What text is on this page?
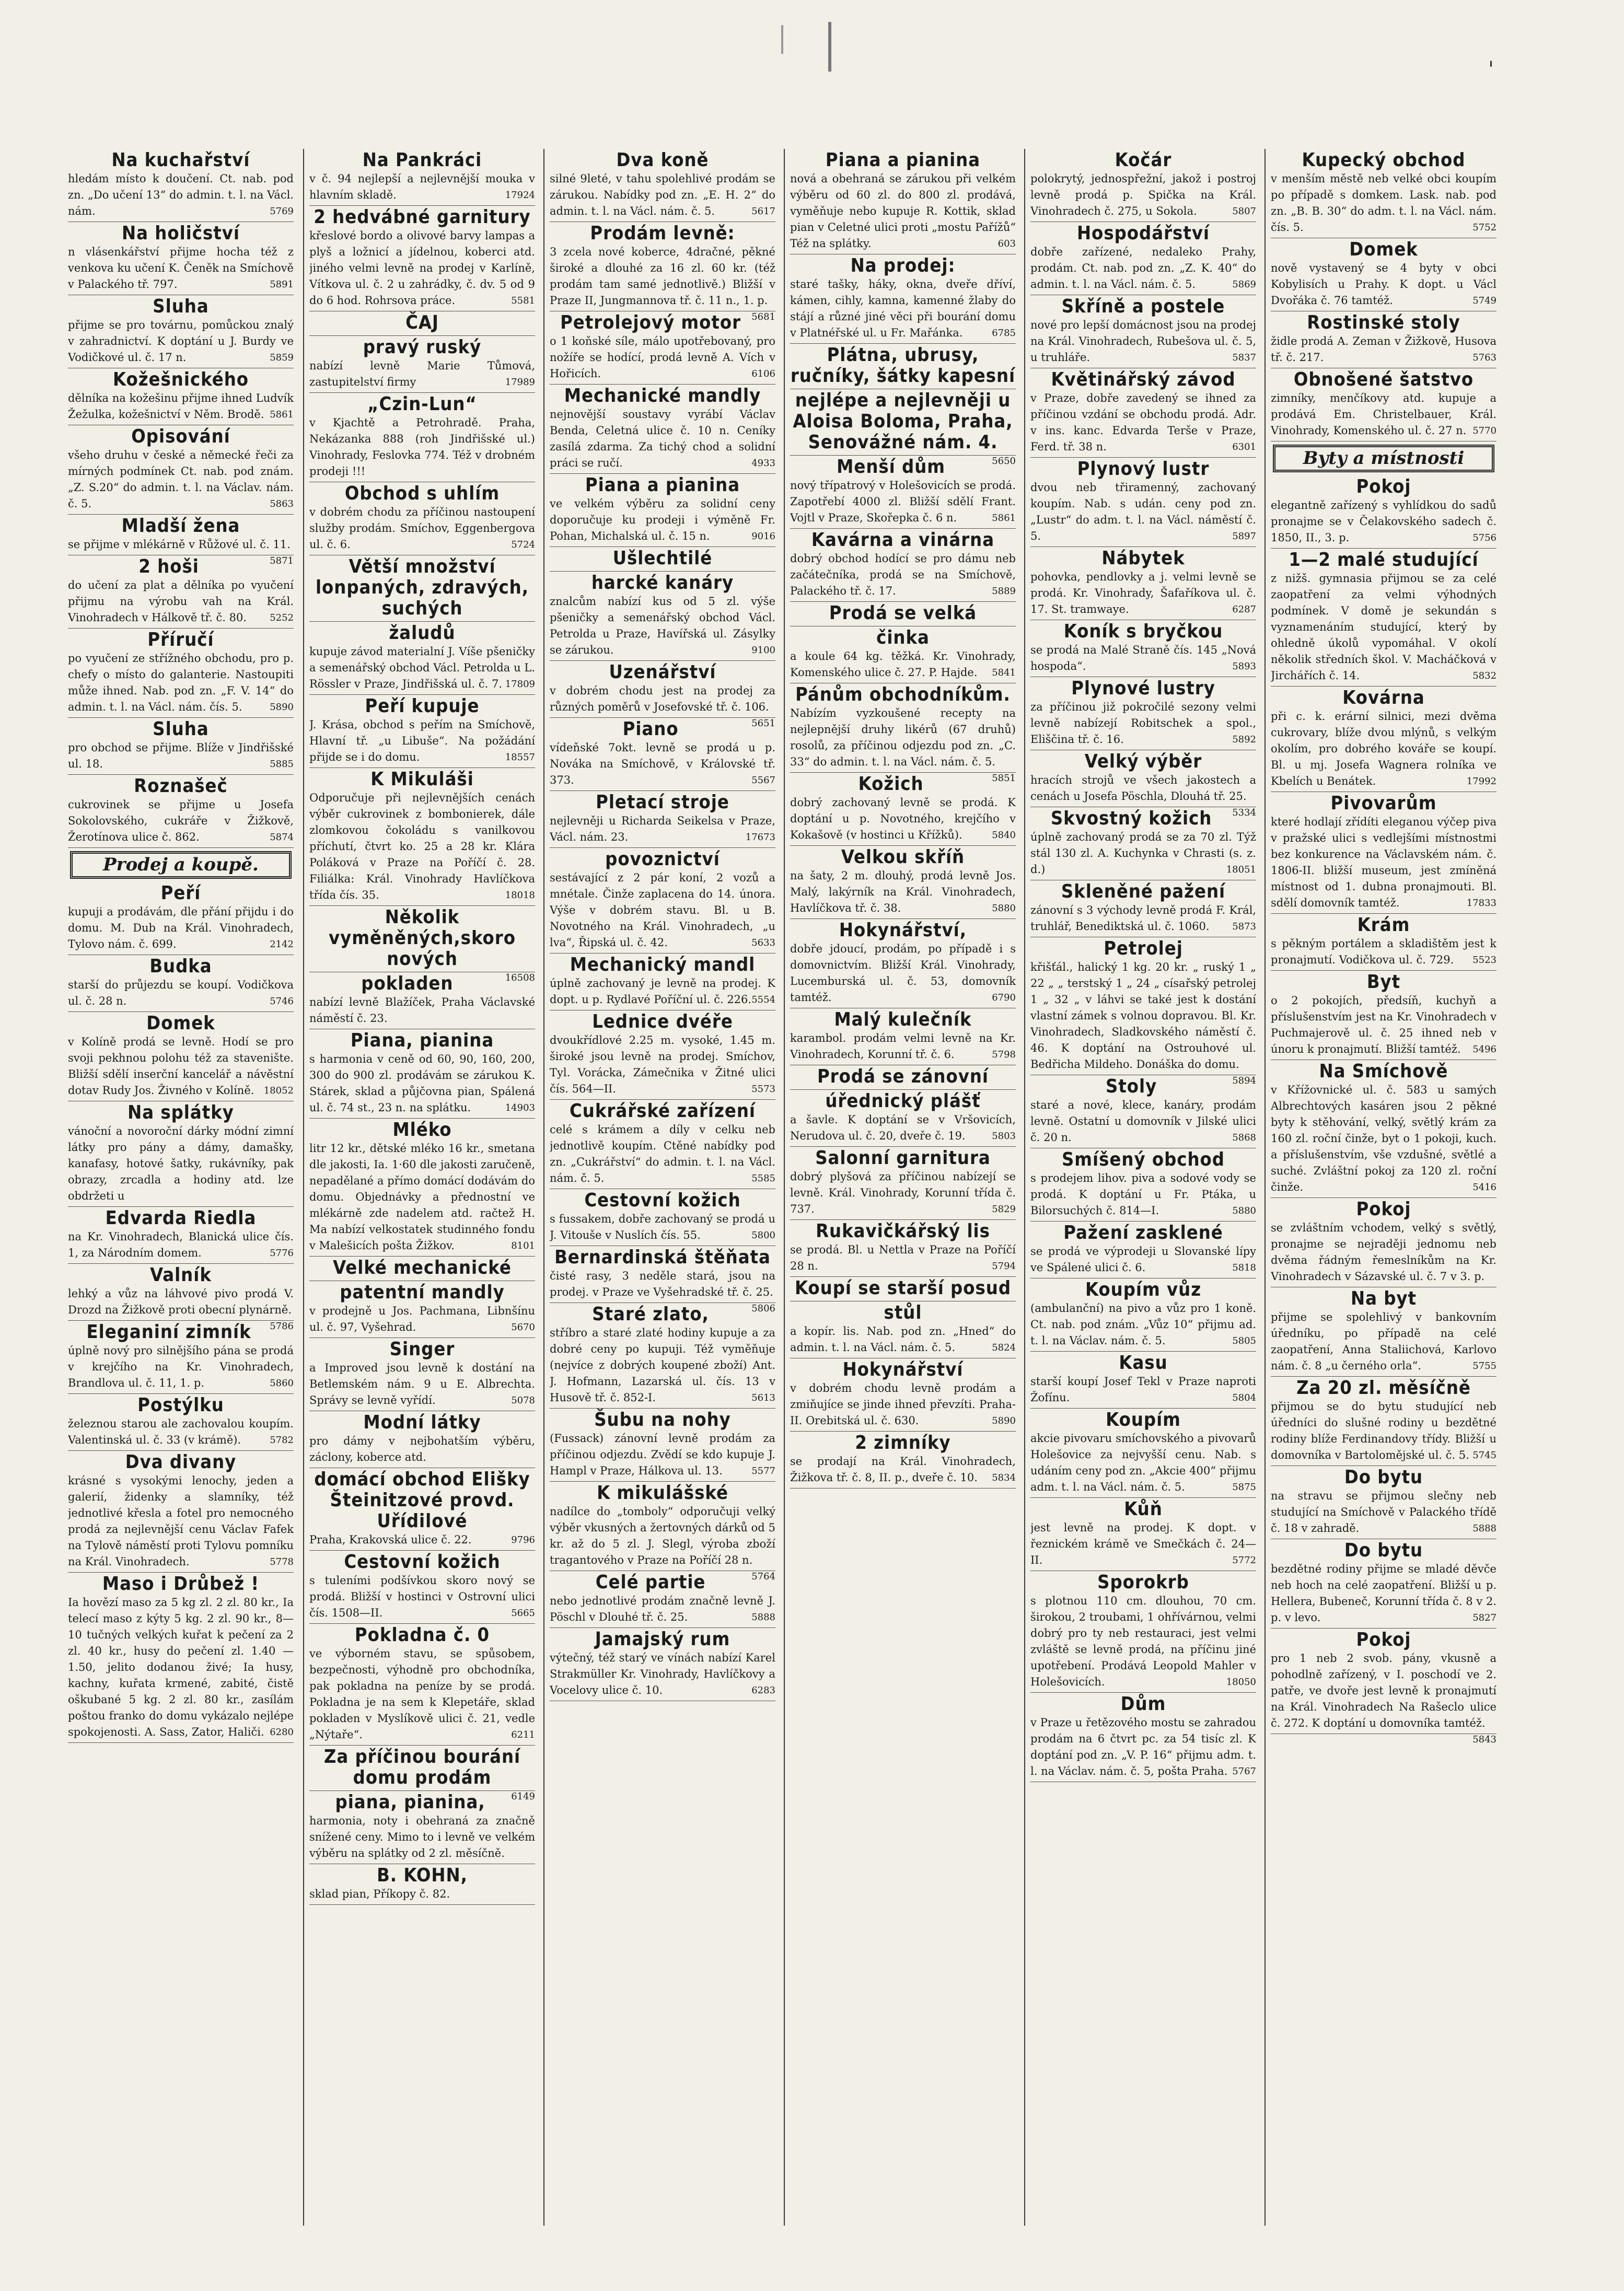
'
Na kuchařství

hledám místo k doučení. Ct. nab. pod zn. „Do učení 13“ do admin. t. l. na Václ. nám.	5769

Na holičství

n vlásenkářství přijme hocha též z venkova ku učení K. Čeněk na Smíchově v Palackého tř. 797.	5891

Sluha

přijme se pro továrnu, pomůckou znalý v zahradnictví. K doptání u J. Burdy ve Vodičkové ul. č. 17 n.	5859

Kožešnického

dělníka na kožešinu přijme ihned Ludvík Žežulka, kožešnictví v Něm. Brodě. 5861

Opisování

všeho druhu v české a německé řeči za mírných podmínek Ct. nab. pod znám. „Z. S.20“ do admin. t. l. na Václav. nám. č. 5.	5863

Mladší žena

se přijme v mlékárně v Růžové ul. č. 11.
5871

2 hoši

do učení za plat a dělníka po vyučení přijmu na výrobu vah na Král. Vinohradech v Hálkově tř. č. 80. 5252

Příručí

po vyučení ze střížného obchodu, pro p. chefy o místo do galanterie. Nastoupiti může ihned. Nab. pod zn. „F. V. 14“ do admin. t. l. na Václ. nám. čís. 5.	5890

Sluha

pro obchod se přijme. Blíže v Jindřišské ul. 18.	5885

Roznašeč

cukrovinek se přijme u Josefa Sokolovského, cukráře v Žižkově, Žerotínova ulice č. 862.	5874

Prodej a koupě.
Peří

kupuji a prodávám, dle přání přijdu i do domu. M. Dub na Král. Vinohradech, Tylovo nám. č. 699.	2142

Budka

starší do průjezdu se koupí. Vodičkova ul. č. 28 n.	5746

Domek

v Kolíně prodá se levně. Hodí se pro svoji pekhnou polohu též za stavenište. Bližší sdělí inserční kancelář a návěstní dotav Rudy Jos. Živného v Kolíně. 18052

Na splátky

vánoční a novoroční dárky módní zimní látky pro pány a dámy, damašky, kanafasy, hotové šatky, rukávníky, pak obrazy, zrcadla a hodiny atd. lze obdržeti u

Edvarda Riedla

na Kr. Vinohradech, Blanická ulice čís. 1, za Národním domem.	5776

Valník

lehký a vůz na láhvové pivo prodá V. Drozd na Žižkově proti obecní plynárně.
5786

Eleganiní zimník

úplně nový pro silnějšího pána se prodá v krejčího na Kr. Vinohradech, Brandlova ul. č. 11, 1. p.	5860

Postýlku

železnou starou ale zachovalou koupím. Valentinská ul. č. 33 (v krámě).	5782

Dva divany

krásné s vysokými lenochy, jeden a galerií, židenky a slamníky, též jednotlivé křesla a fotel pro nemocného prodá za nejlevnější cenu Václav Fafek na Tylově náměstí proti Tylovu pomníku na Král. Vinohradech.	5778

Maso i Drůbež !

Ia hovězí maso za 5 kg zl. 2 zl. 80 kr., Ia telecí maso z kýty 5 kg. 2 zl. 90 kr., 8—10 tučných velkých kuřat k pečení za 2 zl. 40 kr., husy do pečení zl. 1.40 — 1.50, jelito dodanou živé; Ia husy, kachny, kuřata krmené, zabité, čistě oškubané 5 kg. 2 zl. 80 kr., zasílám poštou franko do domu vykázalo nejlépe spokojenosti. A. Sass, Zator, Haliči. 6280

Na Pankráci

v č. 94 nejlepší a nejlevnější mouka v hlavním skladě.	17924

2 hedvábné garnitury

křeslové bordo a olivové barvy lampas a plyš a ložnicí a jídelnou, koberci atd. jiného velmi levně na prodej v Karlíně, Vítkova ul. č. 2 u zahrádky, č. dv. 5 od 9 do 6 hod. Rohrsova práce.	5581

ČAJ

pravý ruský

nabízí levně Marie Tůmová, zastupitelství firmy	17989

„Czin-Lun“

v Kjachtě a Petrohradě. Praha, Nekázanka 888 (roh Jindřišské ul.) Vinohrady, Feslovka 774. Též v drobném prodeji !!!

Obchod s uhlím

v dobrém chodu za příčinou nastoupení služby prodám. Smíchov, Eggenbergova ul. č. 6.	5724

Větší množství lonpaných, zdravých, suchých

žaludů

kupuje závod materialní J. Víše pšeničky a semenářský obchod Václ. Petrolda u L. Rössler v Praze, Jindřišská ul. č. 7. 17809

Peří kupuje

J. Krása, obchod s peřím na Smíchově, Hlavní tř. „u Libuše“. Na požádání přijde se i do domu.	18557

K Mikuláši

Odporučuje při nejlevnějších cenách výběr cukrovinek z bombonierek, dále zlomkovou čokoládu s vanilkovou příchutí, čtvrt ko. 25 a 28 kr. Klára Poláková v Praze na Poříčí č. 28. Filiálka: Král. Vinohrady Havlíčkova třída čís. 35.	18018

Několik vyměněných,skoro nových

16508

pokladen

nabízí levně Blažíček, Praha Václavské náměstí č. 23.

Piana, pianina

s harmonia v ceně od 60, 90, 160, 200, 300 do 900 zl. prodávám se zárukou K. Stárek, sklad a půjčovna pian, Spálená ul. č. 74 st., 23 n. na splátku.	14903

Mléko

litr 12 kr., dětské mléko 16 kr., smetana dle jakosti, Ia. 1·60 dle jakosti zaručeně, nepadělané a přímo domácí dodávám do domu. Objednávky a přednostní ve mlékárně zde nadelem atd. račtež H. Ma nabízí velkostatek studinného fondu v Malešicích pošta Žižkov.	8101

Velké mechanické

patentní mandly

v prodejně u Jos. Pachmana, Libnšínu ul. č. 97, Vyšehrad.	5670

Singer

a Improved jsou levně k dostání na Betlemském nám. 9 u E. Albrechta. Správy se levně vyřídí.	5078

Modní látky

pro dámy v nejbohatším výběru, záclony, koberce atd.

domácí obchod Elišky Šteinitzové provd. Uřídilové

Praha, Krakovská ulice č. 22.	9796

Cestovní kožich

s tuleními podšívkou skoro nový se prodá. Bližší v hostinci v Ostrovní ulici čís. 1508—II.	5665

Pokladna č. 0

ve výborném stavu, se spůsobem, bezpečnosti, výhodně pro obchodníka, pak pokladna na peníze by se prodá. Pokladna je na sem k Klepetáře, sklad pokladen v Myslíkově ulici č. 21, vedle „Nýtaře“.	6211

Za příčinou bourání domu prodám

6149

piana, pianina,

harmonia, noty i obehraná za značně snížené ceny. Mimo to i levně ve velkém výběru na splátky od 2 zl. měsíčně.

B. KOHN,

sklad pian, Příkopy č. 82.

Dva koně

silné 9leté, v tahu spolehlivé prodám se zárukou. Nabídky pod zn. „E. H. 2“ do admin. t. l. na Václ. nám. č. 5.	5617

Prodám levně:

3 zcela nové koberce, 4dračné, pěkné široké a dlouhé za 16 zl. 60 kr. (též prodám tam samé jednotlivě.) Bližší v Praze II, Jungmannova tř. č. 11 n., 1. p.
5681

Petrolejový motor

o 1 koňské síle, málo upotřebovaný, pro nožíře se hodící, prodá levně A. Vích v Hořicích.	6106

Mechanické mandly

nejnovější soustavy vyrábí Václav Benda, Celetná ulice č. 10 n. Ceníky zasílá zdarma. Za tichý chod a solidní práci se ručí.	4933

Piana a pianina

ve velkém výběru za solidní ceny doporučuje ku prodeji i výměně Fr. Pohan, Michalská ul. č. 15 n.	9016

Ušlechtilé

harcké kanáry

znalcům nabízí kus od 5 zl. výše pšeničky a semenářský obchod Václ. Petrolda u Praze, Havířská ul. Zásylky se zárukou.	9100

Uzenářství

v dobrém chodu jest na prodej za různých poměrů v Josefovské tř. č. 106.
5651

Piano

vídeňské 7okt. levně se prodá u p. Nováka na Smíchově, v Královské tř. 373.	5567

Pletací stroje

nejlevněji u Richarda Seikelsa v Praze, Václ. nám. 23.	17673

povoznictví

sestávající z 2 pár koní, 2 vozů a mnétale. Činže zaplacena do 14. února. Výše v dobrém stavu. Bl. u B. Novotného na Král. Vinohradech, „u lva“, Řipská ul. č. 42.	5633

Mechanický mandl

úplně zachovaný je levně na prodej. K dopt. u p. Rydlavé Poříční ul. č. 226. 5554

Lednice dvéře

dvoukřídlové 2.25 m. vysoké, 1.45 m. široké jsou levně na prodej. Smíchov, Tyl. Vorácka, Zámečnika v Žitné ulici čís. 564—II.	5573

Cukrářské zařízení

celé s krámem a díly v celku neb jednotlivě koupím. Ctěné nabídky pod zn. „Cukrářství“ do admin. t. l. na Václ. nám. č. 5.	5585

Cestovní kožich

s fussakem, dobře zachovaný se prodá u J. Vitouše v Nuslích čís. 55.	5800

Bernardinská štěňata

čisté rasy, 3 neděle stará, jsou na prodej. v Praze ve Vyšehradské tř. č. 25.
5806

Staré zlato,

stříbro a staré zlaté hodiny kupuje a za dobré ceny po kupuji. Též vyměňuje (nejvíce z dobrých koupené zboží) Ant. J. Hofmann, Lazarská ul. čís. 13 v Husově tř. č. 852-I.	5613

Šubu na nohy

(Fussack) zánovní levně prodám za příčinou odjezdu. Zvědí se kdo kupuje J. Hampl v Praze, Hálkova ul. 13.	5577

K mikulášské

nadílce do „tomboly“ odporučuji velký výběr vkusných a žertovných dárků od 5 kr. až do 5 zl. J. Slegl, výroba zboží tragantového v Praze na Poříčí 28 n.
5764

Celé partie

nebo jednotlivé prodám značně levně J. Pöschl v Dlouhé tř. č. 25.	5888

Jamajský rum

výtečný, též starý ve vínách nabízí Karel Strakmüller Kr. Vinohrady, Havlíčkovy a Vocelovy ulice č. 10.	6283

Piana a pianina

nová a obehraná se zárukou při velkém výběru od 60 zl. do 800 zl. prodává, vyměňuje nebo kupuje R. Kottik, sklad pian v Celetné ulici proti „mostu Pařížů“ Též na splátky.	603

Na prodej:

staré tašky, háky, okna, dveře dříví, kámen, cihly, kamna, kamenné žlaby do stájí a různé jiné věci při bourání domu v Platnéřské ul. u Fr. Mařánka.	6785

Plátna, ubrusy, ručníky, šátky kapesní

nejlépe a nejlevněji u Aloisa Boloma, Praha, Senovážné nám. 4.

5650

Menší dům

nový třípatrový v Holešovicích se prodá. Zapotřebí 4000 zl. Bližší sdělí Frant. Vojtl v Praze, Skořepka č. 6 n.	5861

Kavárna a vinárna

dobrý obchod hodící se pro dámu neb začátečníka, prodá se na Smíchově, Palackého tř. č. 17.	5889

Prodá se velká

činka

a koule 64 kg. těžká. Kr. Vinohrady, Komenského ulice č. 27. P. Hajde. 5841

Pánům obchodníkům.

Nabízím vyzkoušené recepty na nejlepnější druhy likérů (67 druhů) rosolů, za příčinou odjezdu pod zn. „C. 33“ do admin. t. l. na Václ. nám. č. 5.
5851

Kožich

dobrý zachovaný levně se prodá. K doptání u p. Novotného, krejčího v Kokašově (v hostinci u Křížků).	5840

Velkou skříň

na šaty, 2 m. dlouhý, prodá levně Jos. Malý, lakýrník na Král. Vinohradech, Havlíčkova tř. č. 38.	5880

Hokynářství,

dobře jdoucí, prodám, po případě i s domovnictvím. Bližší Král. Vinohrady, Lucemburská ul. č. 53, domovník tamtéž.	6790

Malý kulečník

karambol. prodám velmi levně na Kr. Vinohradech, Korunní tř. č. 6.	5798

Prodá se zánovní

úřednický plášť

a šavle. K doptání se v Vršovicích, Nerudova ul. č. 20, dveře č. 19.	5803

Salonní garnitura

dobrý plyšová za příčinou nabízejí se levně. Král. Vinohrady, Korunní třída č. 737.	5829

Rukavičkářský lis

se prodá. Bl. u Nettla v Praze na Poříčí 28 n.	5794

Koupí se starší posud

stůl

a kopír. lis. Nab. pod zn. „Hned“ do admin. t. l. na Václ. nám. č. 5.	5824

Hokynářství

v dobrém chodu levně prodám a zmiňujíce se jinde ihned převzíti. Praha-II. Orebitská ul. č. 630.	5890

2 zimníky

se prodají na Král. Vinohradech, Žižkova tř. č. 8, II. p., dveře č. 10. 5834

Kočár

polokrytý, jednospřežní, jakož i postroj levně prodá p. Spička na Král. Vinohradech č. 275, u Sokola.	5807

Hospodářství

dobře zařízené, nedaleko Prahy, prodám. Ct. nab. pod zn. „Z. K. 40“ do admin. t. l. na Václ. nám. č. 5.	5869

Skříně a postele

nové pro lepší domácnost jsou na prodej na Král. Vinohradech, Rubešova ul. č. 5, u truhláře.	5837

Květinářský závod

v Praze, dobře zavedený se ihned za příčinou vzdání se obchodu prodá. Adr. v ins. kanc. Edvarda Terše v Praze, Ferd. tř. 38 n.	6301

Plynový lustr

dvou neb třiramenný, zachovaný koupím. Nab. s udán. ceny pod zn. „Lustr“ do adm. t. l. na Václ. náměstí č. 5.	5897

Nábytek

pohovka, pendlovky a j. velmi levně se prodá. Kr. Vinohrady, Šafaříkova ul. č. 17. St. tramwaye.	6287

Koník s bryčkou

se prodá na Malé Straně čís. 145 „Nová hospoda“.	5893

Plynové lustry

za příčinou již pokročilé sezony velmi levně nabízejí Robitschek a spol., Eliščina tř. č. 16.	5892

Velký výběr

hracích strojů ve všech jakostech a cenách u Josefa Pöschla, Dlouhá tř. 25.
5334

Skvostný kožich

úplně zachovaný prodá se za 70 zl. Týž stál 130 zl. A. Kuchynka v Chrasti (s. z. d.)	18051

Skleněné pažení

zánovní s 3 východy levně prodá F. Král, truhlář, Benediktská ul. č. 1060. 5873

Petrolej

křišťál., halický 1 kg. 20 kr. „ ruský 1 „ 22 „ „ terstský 1 „ 24 „ císařský petrolej 1 „ 32 „ v láhvi se také jest k dostání vlastní zámek s volnou dopravou. Bl. Kr. Vinohradech, Sladkovského náměstí č. 46. K doptání na Ostrouhové ul. Bedřicha Mildeho. Donáška do domu.
5894

Stoly

staré a nové, klece, kanáry, prodám levně. Ostatní u domovník v Jilské ulici č. 20 n.	5868

Smíšený obchod

s prodejem lihov. piva a sodové vody se prodá. K doptání u Fr. Ptáka, u Bilorsuchých č. 814—I.	5880

Pažení zasklené

se prodá ve výprodeji u Slovanské lípy ve Spálené ulici č. 6.	5818

Koupím vůz

(ambulanční) na pivo a vůz pro 1 koně. Ct. nab. pod znám. „Vůz 10“ přijmu ad. t. l. na Václav. nám. č. 5.	5805

Kasu

starší koupí Josef Tekl v Praze naproti Žofínu.	5804

Koupím

akcie pivovaru smíchovského a pivovarů Holešovice za nejvyšší cenu. Nab. s udáním ceny pod zn. „Akcie 400“ přijmu adm. t. l. na Václ. nám. č. 5.	5875

Kůň

jest levně na prodej. K dopt. v řeznickém krámě ve Smečkách č. 24—II.	5772

Sporokrb

s plotnou 110 cm. dlouhou, 70 cm. širokou, 2 troubami, 1 ohřívárnou, velmi dobrý pro ty neb restauraci, jest velmi zvláště se levně prodá, na příčinu jiné upotřebení. Prodává Leopold Mahler v Holešovicích.	18050

Dům

v Praze u řetězového mostu se zahradou prodám na 6 čtvrt pc. za 54 tisíc zl. K doptání pod zn. „V. P. 16“ přijmu adm. t. l. na Václav. nám. č. 5, pošta Praha. 5767

Kupecký obchod

v menším městě neb velké obci koupím po případě s domkem. Lask. nab. pod zn. „B. B. 30“ do adm. t. l. na Václ. nám. čís. 5.	5752

Domek

nově vystavený se 4 byty v obci Kobylisích u Prahy. K dopt. u Václ Dvořáka č. 76 tamtéž.	5749

Rostinské stoly

židle prodá A. Zeman v Žižkově, Husova tř. č. 217.	5763

Obnošené šatstvo

zimníky, menčíkovy atd. kupuje a prodává Em. Christelbauer, Král. Vinohrady, Komenského ul. č. 27 n. 5770

Byty a místnosti
Pokoj

elegantně zařízený s vyhlídkou do sadů pronajme se v Čelakovského sadech č. 1850, II., 3. p.	5756

1—2 malé studující

z nižš. gymnasia přijmou se za celé zaopatření za velmi výhodných podmínek. V domě je sekundán s vyznamenáním studující, který by ohledně úkolů vypomáhal. V okolí několik středních škol. V. Macháčková v Jirchářích č. 14.	5832

Kovárna

při c. k. erární silnici, mezi dvěma cukrovary, blíže dvou mlýnů, s velkým okolím, pro dobrého kováře se koupí. Bl. u mj. Josefa Wagnera rolníka ve Kbelích u Benátek.	17992

Pivovarům

které hodlají zřídíti eleganou výčep piva v pražské ulici s vedlejšími místnostmi bez konkurence na Václavském nám. č. 1806-II. bližší museum, jest zmíněná místnost od 1. dubna pronajmouti. Bl. sdělí domovník tamtéž.	17833

Krám

s pěkným portálem a skladištěm jest k pronajmutí. Vodičkova ul. č. 729. 5523

Byt

o 2 pokojích, předsíň, kuchyň a příslušenstvím jest na Kr. Vinohradech v Puchmajerově ul. č. 25 ihned neb v únoru k pronajmutí. Bližší tamtéž. 5496

Na Smíchově

v Křížovnické ul. č. 583 u samých Albrechtových kasáren jsou 2 pěkné byty k stěhování, velký, světlý krám za 160 zl. roční činže, byt o 1 pokoji, kuch. a příslušenstvím, vše vzdušné, světlé a suché. Zvláštní pokoj za 120 zl. roční činže.	5416

Pokoj

se zvláštním vchodem, velký s světlý, pronajme se nejraději jednomu neb dvěma řádným řemeslníkům na Kr. Vinohradech v Sázavské ul. č. 7 v 3. p.

Na byt

přijme se spolehlivý v bankovním úředníku, po případě na celé zaopatření, Anna Staliichová, Karlovo nám. č. 8 „u černého orla“.	5755

Za 20 zl. měsíčně

přijmou se do bytu studující neb úředníci do slušné rodiny u bezdětné rodiny blíže Ferdinandovy třídy. Bližší u domovníka v Bartolomějské ul. č. 5. 5745

Do bytu

na stravu se přijmou slečny neb studující na Smíchově v Palackého třídě č. 18 v zahradě.	5888

Do bytu

bezdětné rodiny přijme se mladé děvče neb hoch na celé zaopatření. Bližší u p. Hellera, Bubeneč, Korunní třída č. 8 v 2. p. v levo.	5827

Pokoj

pro 1 neb 2 svob. pány, vkusně a pohodlně zařízený, v I. poschodí ve 2. patře, ve dvoře jest levně k pronajmutí na Král. Vinohradech Na Rašeclo ulice č. 272. K doptání u domovníka tamtéž.
5843
